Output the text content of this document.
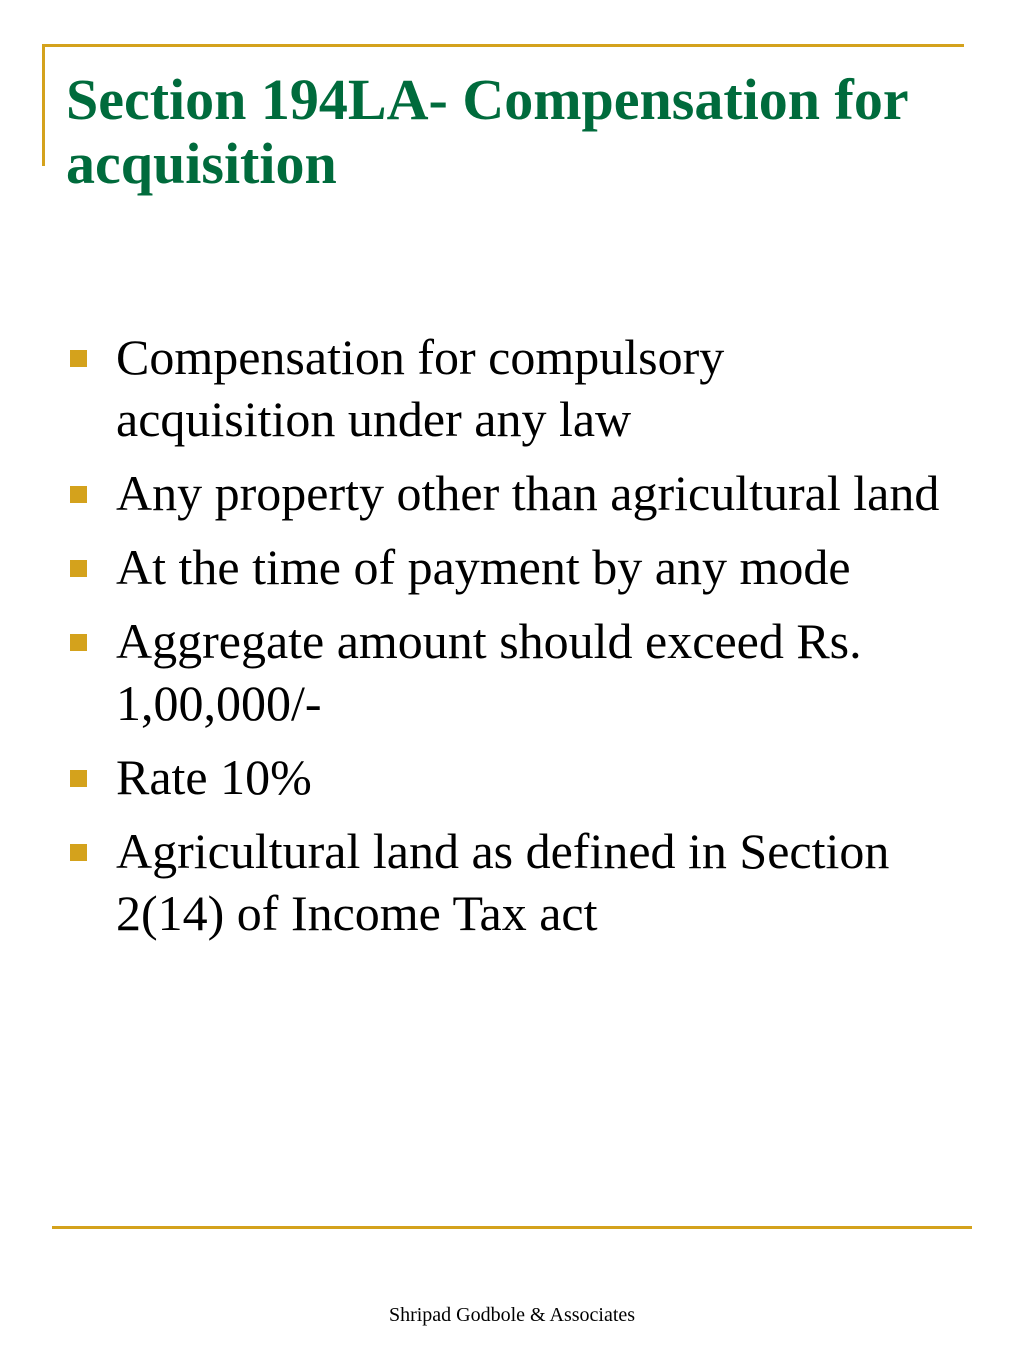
Section 194LA- Compensation for acquisition
Compensation for compulsory acquisition under any law
Any property other than agricultural land
At the time of payment by any mode
Aggregate amount should exceed Rs. 1,00,000/-
Rate 10%
Agricultural land as defined in Section 2(14) of Income Tax act
Shripad Godbole & Associates
